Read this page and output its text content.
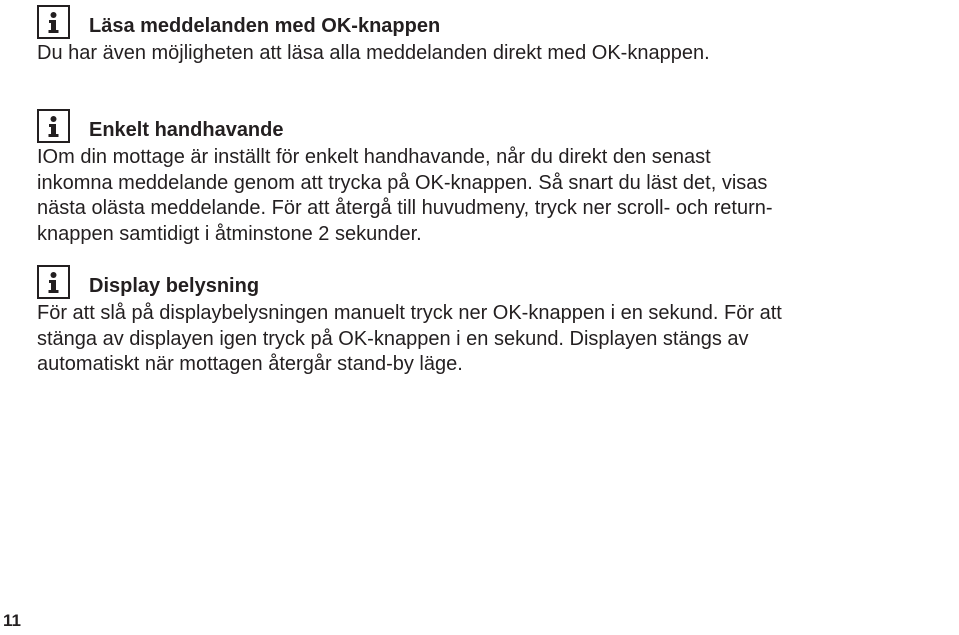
Läsa meddelanden med OK-knappen

Du har även möjligheten att läsa alla meddelanden direkt med OK-knappen.

Enkelt handhavande

IOm din mottage är inställt för enkelt handhavande, når du direkt den senast
inkomna meddelande genom att trycka på OK-knappen. Så snart du läst det, visas
nästa olästa meddelande. För att återgå till huvudmeny, tryck ner scroll- och return-
knappen samtidigt i åtminstone 2 sekunder.

Display belysning

För att slå på displaybelysningen manuelt tryck ner OK-knappen i en sekund. För att
stänga av displayen igen tryck på OK-knappen i en sekund. Displayen stängs av
automatiskt när mottagen återgår stand-by läge.

11
